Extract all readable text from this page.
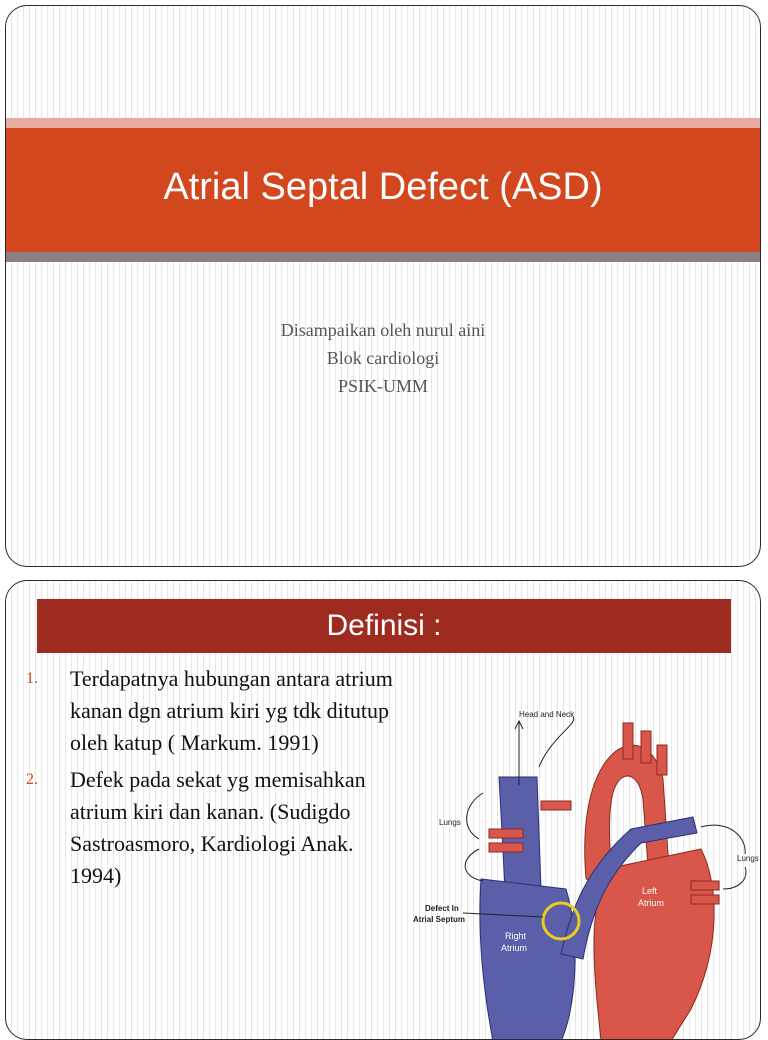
Atrial Septal Defect (ASD)
Disampaikan oleh nurul aini
Blok cardiologi
PSIK-UMM
Definisi :
1.	Terdapatnya hubungan antara atrium kanan dgn atrium kiri yg tdk ditutup oleh katup ( Markum. 1991)
2.	Defek pada sekat yg memisahkan atrium kiri dan kanan. (Sudigdo Sastroasmoro, Kardiologi Anak. 1994)
Head and Neck
Lungs
Lungs
Left
Atrium
Right
Atrium
Defect In
Atrial Septum
